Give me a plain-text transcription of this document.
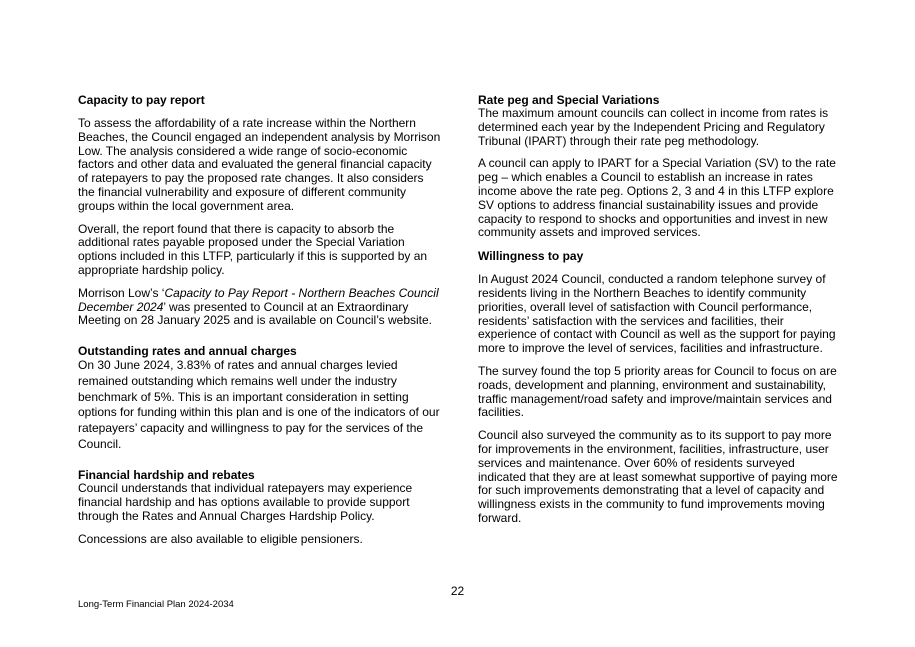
Capacity to pay report

To assess the affordability of a rate increase within the Northern Beaches, the Council engaged an independent analysis by Morrison Low. The analysis considered a wide range of socio-economic factors and other data and evaluated the general financial capacity of ratepayers to pay the proposed rate changes. It also considers the financial vulnerability and exposure of different community groups within the local government area.

Overall, the report found that there is capacity to absorb the additional rates payable proposed under the Special Variation options included in this LTFP, particularly if this is supported by an appropriate hardship policy.

Morrison Low’s ‘Capacity to Pay Report - Northern Beaches Council December 2024’ was presented to Council at an Extraordinary Meeting on 28 January 2025 and is available on Council’s website.

Outstanding rates and annual charges

On 30 June 2024, 3.83% of rates and annual charges levied remained outstanding which remains well under the industry benchmark of 5%. This is an important consideration in setting options for funding within this plan and is one of the indicators of our ratepayers’ capacity and willingness to pay for the services of the Council.

Financial hardship and rebates

Council understands that individual ratepayers may experience financial hardship and has options available to provide support through the Rates and Annual Charges Hardship Policy.

Concessions are also available to eligible pensioners.

Rate peg and Special Variations

The maximum amount councils can collect in income from rates is determined each year by the Independent Pricing and Regulatory Tribunal (IPART) through their rate peg methodology.

A council can apply to IPART for a Special Variation (SV) to the rate peg – which enables a Council to establish an increase in rates income above the rate peg. Options 2, 3 and 4 in this LTFP explore SV options to address financial sustainability issues and provide capacity to respond to shocks and opportunities and invest in new community assets and improved services.

Willingness to pay

In August 2024 Council, conducted a random telephone survey of residents living in the Northern Beaches to identify community priorities, overall level of satisfaction with Council performance, residents’ satisfaction with the services and facilities, their experience of contact with Council as well as the support for paying more to improve the level of services, facilities and infrastructure.

The survey found the top 5 priority areas for Council to focus on are roads, development and planning, environment and sustainability, traffic management/road safety and improve/maintain services and facilities.

Council also surveyed the community as to its support to pay more for improvements in the environment, facilities, infrastructure, user services and maintenance. Over 60% of residents surveyed indicated that they are at least somewhat supportive of paying more for such improvements demonstrating that a level of capacity and willingness exists in the community to fund improvements moving forward.

22
Long-Term Financial Plan 2024-2034
